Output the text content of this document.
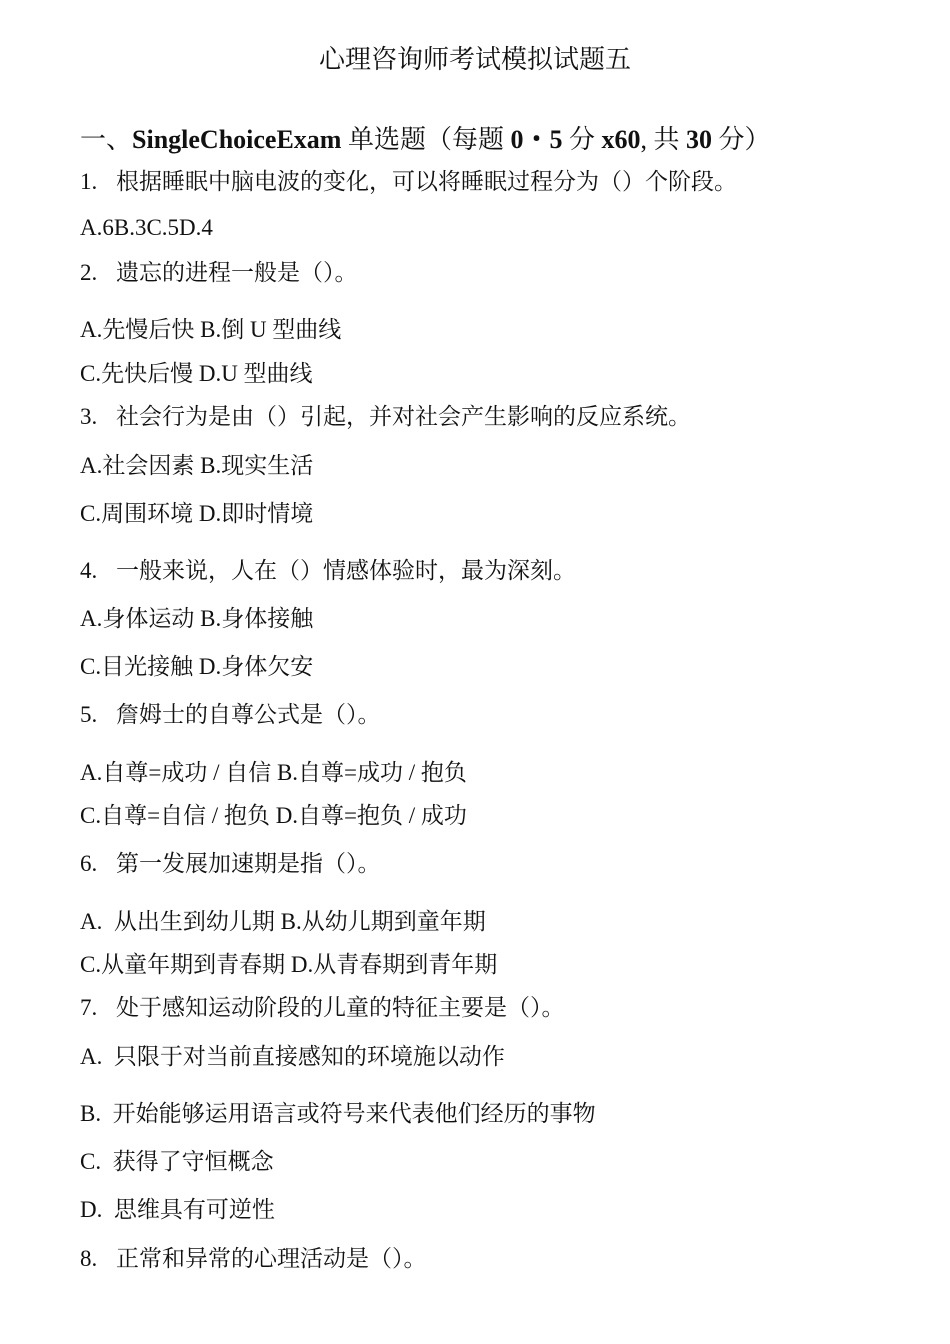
心理咨询师考试模拟试题五
一、SingleChoiceExam 单选题（每题 0・5 分 x60, 共 30 分）
1. 根据睡眠中脑电波的变化，可以将睡眠过程分为（）个阶段。
A.6B.3C.5D.4
2. 遗忘的进程一般是（）。
A.先慢后快 B.倒 U 型曲线
C.先快后慢 D.U 型曲线
3. 社会行为是由（）引起，并对社会产生影响的反应系统。
A.社会因素 B.现实生活
C.周围环境 D.即时情境
4. 一般来说，人在（）情感体验时，最为深刻。
A.身体运动 B.身体接触
C.目光接触 D.身体欠安
5. 詹姆士的自尊公式是（）。
A.自尊=成功 / 自信 B.自尊=成功 / 抱负
C.自尊=自信 / 抱负 D.自尊=抱负 / 成功
6. 第一发展加速期是指（）。
A.  从出生到幼儿期 B.从幼儿期到童年期
C.从童年期到青春期 D.从青春期到青年期
7. 处于感知运动阶段的儿童的特征主要是（）。
A.  只限于对当前直接感知的环境施以动作
B.  开始能够运用语言或符号来代表他们经历的事物
C.  获得了守恒概念
D.  思维具有可逆性
8. 正常和异常的心理活动是（）。
